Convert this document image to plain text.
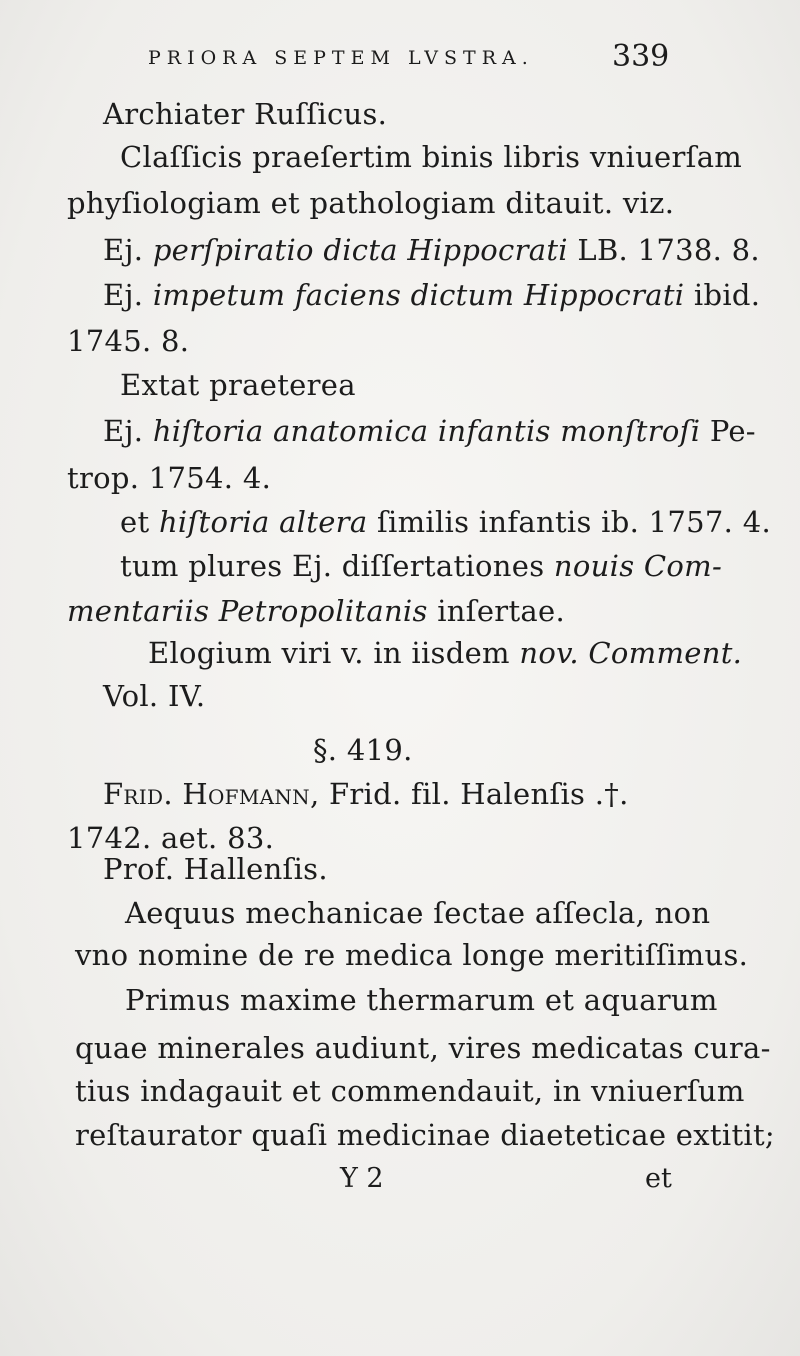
PRIORA SEPTEM LVSTRA.	339
Archiater Ruſſicus.
Claſſicis praeſertim binis libris vniuerſam
phyſiologiam et pathologiam ditauit. viz.
Ej. perſpiratio dicta Hippocrati LB. 1738. 8.
Ej. impetum faciens dictum Hippocrati ibid.
1745. 8.
Extat praeterea
Ej. hiſtoria anatomica infantis monſtroſi Pe-
trop. 1754. 4.
et hiſtoria altera ſimilis infantis ib. 1757. 4.
tum plures Ej. diſſertationes nouis Com-
mentariis Petropolitanis inſertae.
Elogium viri v. in iisdem nov. Comment.
Vol. IV.
§. 419.
Frid. Hofmann, Frid. fil. Halenſis .†.
1742. aet. 83.
Prof. Hallenſis.
Aequus mechanicae ſectae aſſecla, non
vno nomine de re medica longe meritiſſimus.
Primus maxime thermarum et aquarum
quae minerales audiunt, vires medicatas cura-
tius indagauit et commendauit, in vniuerſum
reſtaurator quaſi medicinae diaeteticae extitit;
Y 2	et
